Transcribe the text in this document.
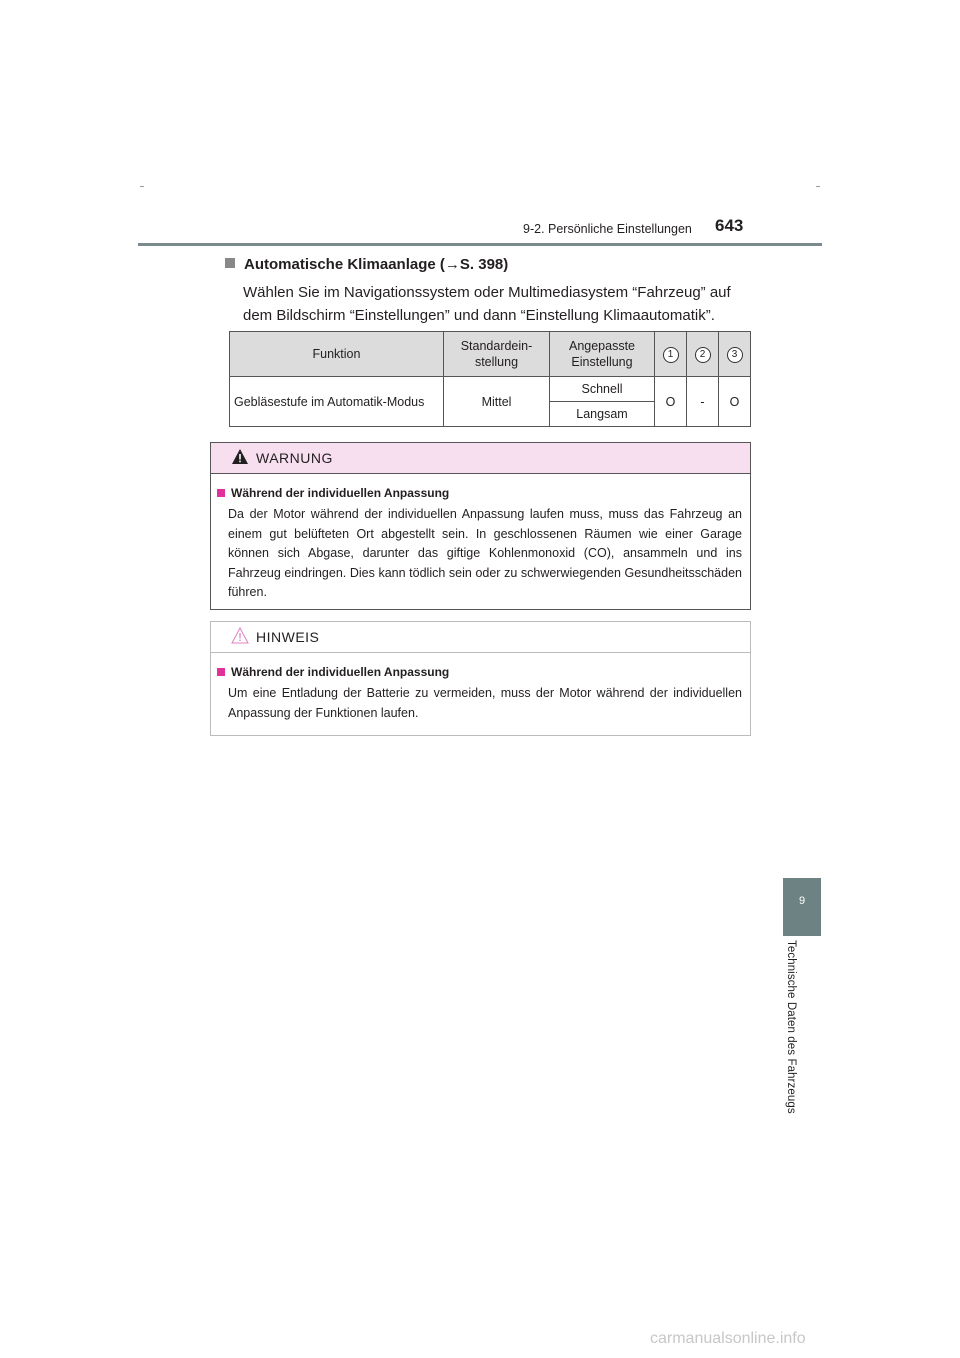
9-2. Persönliche Einstellungen 643
9
Technische Daten des Fahrzeugs
Automatische Klimaanlage (→S. 398)
Wählen Sie im Navigationssystem oder Multimediasystem “Fahrzeug” auf dem Bildschirm “Einstellungen” und dann “Einstellung Klimaautomatik”.
Funktion	Standardein-stellung	Angepasste Einstellung	1	2	3
Gebläsestufe im Automatik-Modus	Mittel	Schnell	O	-	O
		Langsam			
WARNUNG
Während der individuellen Anpassung
Da der Motor während der individuellen Anpassung laufen muss, muss das Fahrzeug an einem gut belüfteten Ort abgestellt sein. In geschlossenen Räumen wie einer Garage können sich Abgase, darunter das giftige Kohlenmonoxid (CO), ansammeln und ins Fahrzeug eindringen. Dies kann tödlich sein oder zu schwerwiegenden Gesundheitsschäden führen.
HINWEIS
Während der individuellen Anpassung
Um eine Entladung der Batterie zu vermeiden, muss der Motor während der individuellen Anpassung der Funktionen laufen.
carmanualsonline.info
